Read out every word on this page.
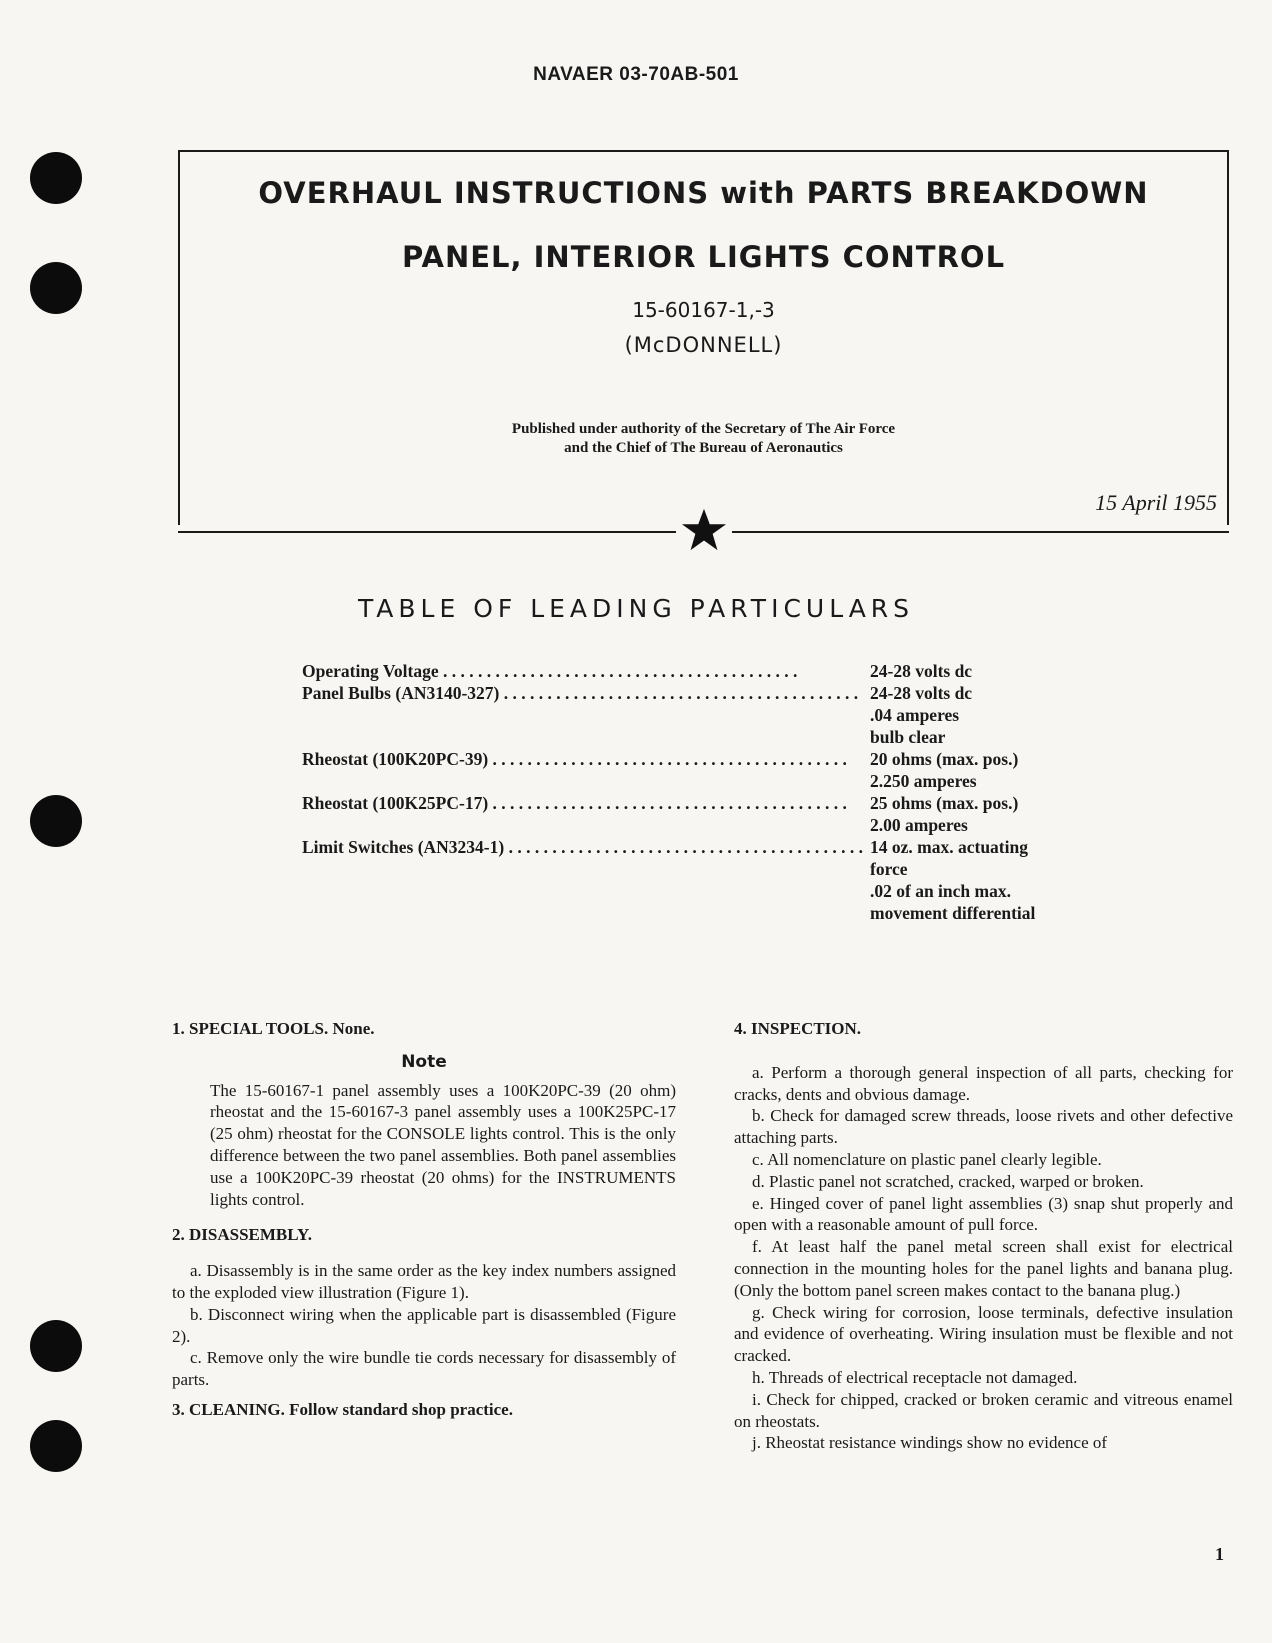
NAVAER 03-70AB-501
OVERHAUL INSTRUCTIONS with PARTS BREAKDOWN
PANEL, INTERIOR LIGHTS CONTROL
15-60167-1,-3
(McDONNELL)
Published under authority of the Secretary of The Air Force
and the Chief of The Bureau of Aeronautics
15 April 1955
TABLE OF LEADING PARTICULARS
Operating Voltage . . .	24-28 volts dc
Panel Bulbs (AN3140-327) . . .	24-28 volts dc
.04 amperes
bulb clear
Rheostat (100K20PC-39) . . .	20 ohms (max. pos.)
2.250 amperes
Rheostat (100K25PC-17) . . .	25 ohms (max. pos.)
2.00 amperes
Limit Switches (AN3234-1) . . .	14 oz. max. actuating
force
.02 of an inch max.
movement differential

1. SPECIAL TOOLS. None.

Note

The 15-60167-1 panel assembly uses a 100K20PC-39 (20 ohm) rheostat and the 15-60167-3 panel assembly uses a 100K25PC-17 (25 ohm) rheostat for the CONSOLE lights control. This is the only difference between the two panel assemblies. Both panel assemblies use a 100K20PC-39 rheostat (20 ohms) for the INSTRUMENTS lights control.

2. DISASSEMBLY.

a. Disassembly is in the same order as the key index numbers assigned to the exploded view illustration (Figure 1).

b. Disconnect wiring when the applicable part is disassembled (Figure 2).

c. Remove only the wire bundle tie cords necessary for disassembly of parts.

3. CLEANING. Follow standard shop practice.

4. INSPECTION.

a. Perform a thorough general inspection of all parts, checking for cracks, dents and obvious damage.

b. Check for damaged screw threads, loose rivets and other defective attaching parts.

c. All nomenclature on plastic panel clearly legible.

d. Plastic panel not scratched, cracked, warped or broken.

e. Hinged cover of panel light assemblies (3) snap shut properly and open with a reasonable amount of pull force.

f. At least half the panel metal screen shall exist for electrical connection in the mounting holes for the panel lights and banana plug. (Only the bottom panel screen makes contact to the banana plug.)

g. Check wiring for corrosion, loose terminals, defective insulation and evidence of overheating. Wiring insulation must be flexible and not cracked.

h. Threads of electrical receptacle not damaged.

i. Check for chipped, cracked or broken ceramic and vitreous enamel on rheostats.

j. Rheostat resistance windings show no evidence of

1
